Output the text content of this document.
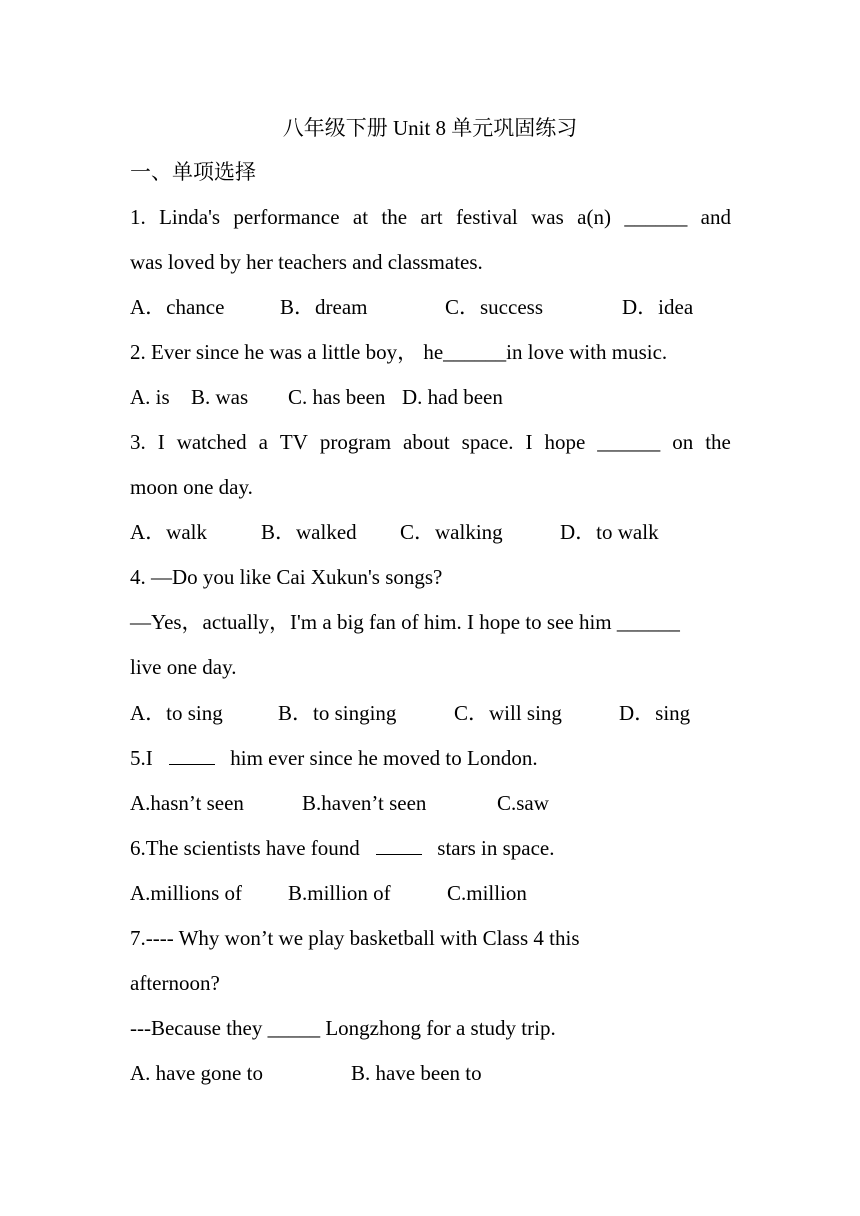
八年级下册 Unit 8 单元巩固练习
一、单项选择
1. Linda's performance at the art festival was a(n) ______ and
was loved by her teachers and classmates.
A．chance	B．dream	C．success	D．idea
2. Ever since he was a little boy， he______in love with music.
A. is B. was C. has been D. had been
3. I watched a TV program about space. I hope ______ on the
moon one day.
A．walk	B．walked C．walking	D．to walk
4. —Do you like Cai Xukun's songs?
—Yes，actually，I'm a big fan of him. I hope to see him ______
live one day.
A．to sing	B．to singing	C．will sing	D．sing
5.I	him ever since he moved to London.
A.hasn’t seen	B.haven’t seen	C.saw
6.The scientists have found	stars in space.
A.millions of B.million of	C.million
7.---- Why won’t we play basketball with Class 4 this
afternoon?
---Because they _____ Longzhong for a study trip.
A. have gone to	B. have been to
